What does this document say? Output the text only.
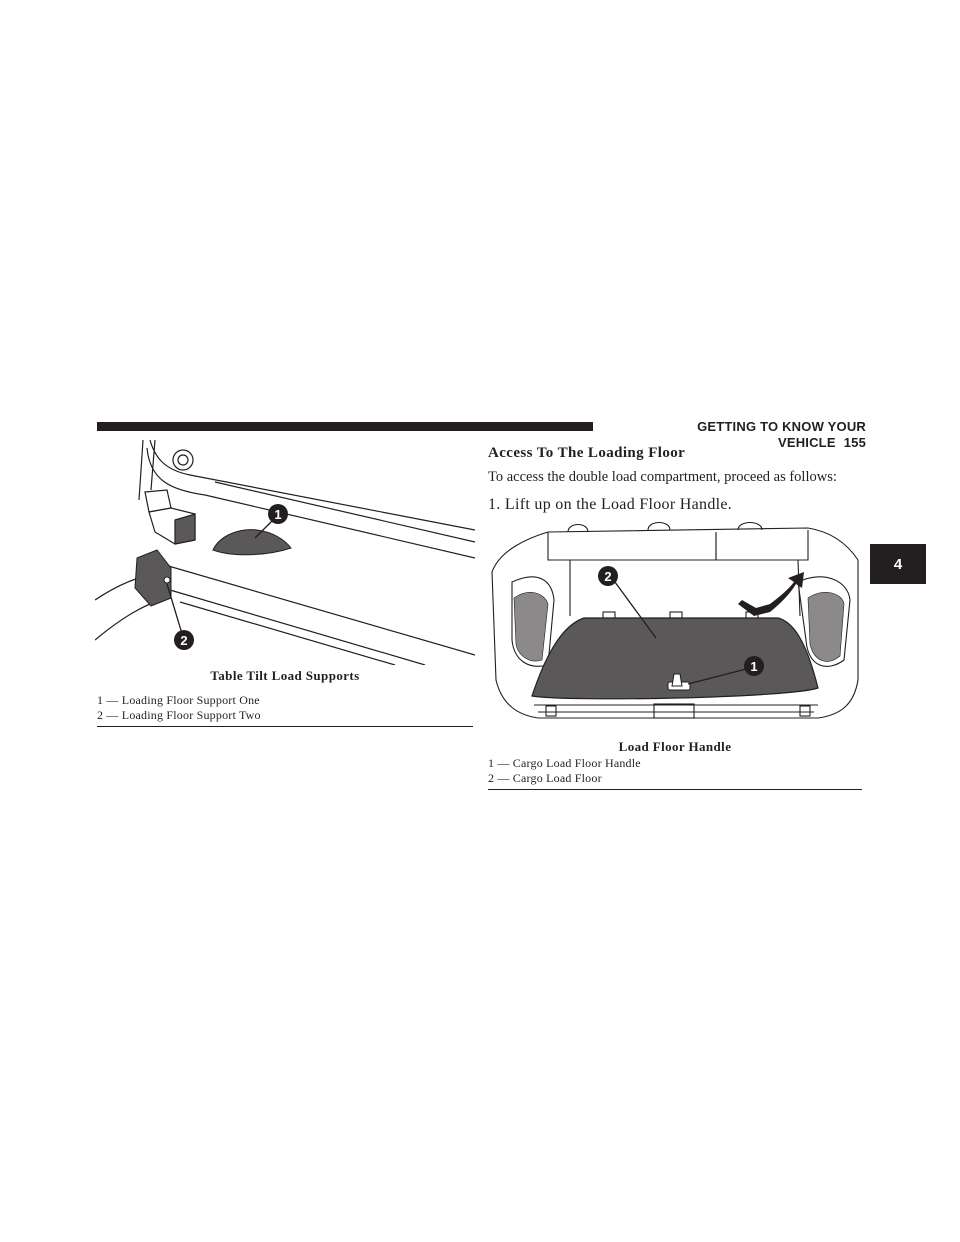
GETTING TO KNOW YOUR VEHICLE 155
4
1
2
Table Tilt Load Supports
1 — Loading Floor Support One
2 — Loading Floor Support Two
Access To The Loading Floor
To access the double load compartment, proceed as follows:
1. Lift up on the Load Floor Handle.
1
2
Load Floor Handle
1 — Cargo Load Floor Handle
2 — Cargo Load Floor
